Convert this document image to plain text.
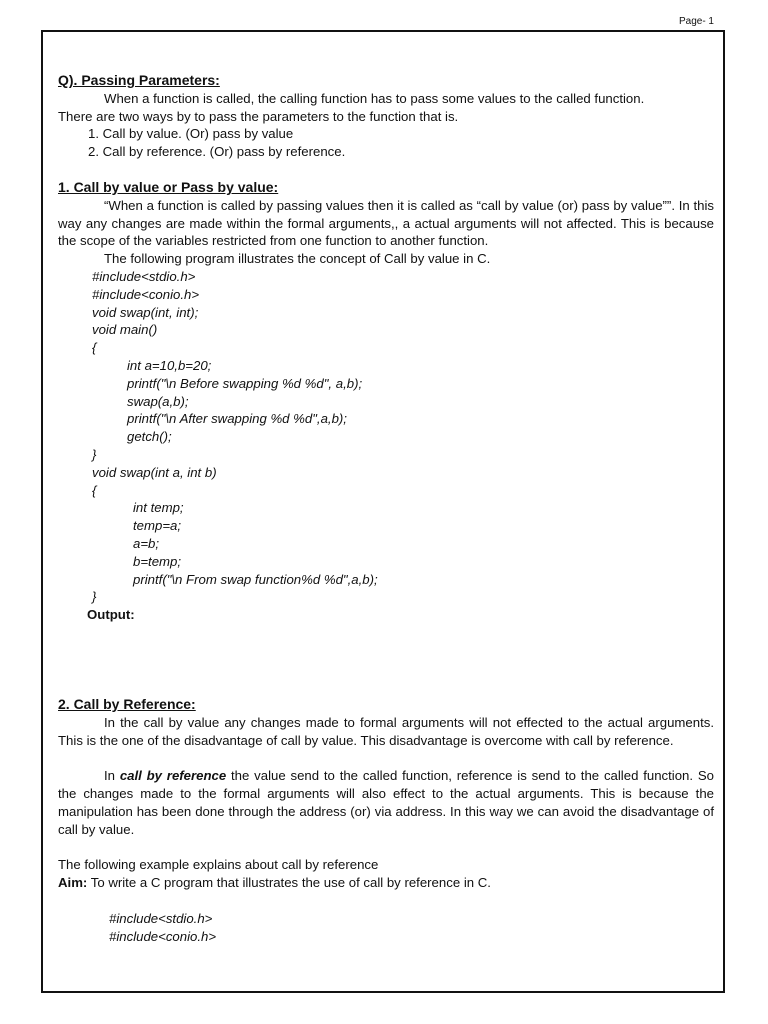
Page- 1

Q). Passing Parameters:

When a function is called, the calling function has to pass some values to the called function.

There are two ways by to pass the parameters to the function that is.

1. Call by value. (Or) pass by value

2. Call by reference. (Or) pass by reference.

1. Call by value or Pass by value:

“When a function is called by passing values then it is called as “call by value (or) pass by value””. In this way any changes are made within the formal arguments,, a actual arguments will not affected. This is because the scope of the variables restricted from one function to another function.

The following program illustrates the concept of Call by value in C.

#include<stdio.h>

#include<conio.h>

void swap(int, int);

void main()

{

int a=10,b=20;

printf("\n Before swapping %d %d", a,b);

swap(a,b);

printf("\n After swapping %d %d",a,b);

getch();

}

void swap(int a, int b)

{

int temp;

temp=a;

a=b;

b=temp;

printf("\n From swap function%d %d",a,b);

}

Output:

2. Call by Reference:

In the call by value any changes made to formal arguments will not effected to the actual arguments. This is the one of the disadvantage of call by value. This disadvantage is overcome with call by reference.

In call by reference the value send to the called function, reference is send to the called function. So the changes made to the formal arguments will also effect to the actual arguments. This is because the manipulation has been done through the address (or) via address. In this way we can avoid the disadvantage of call by value.

The following example explains about call by reference

Aim: To write a C program that illustrates the use of call by reference in C.

#include<stdio.h>

#include<conio.h>
